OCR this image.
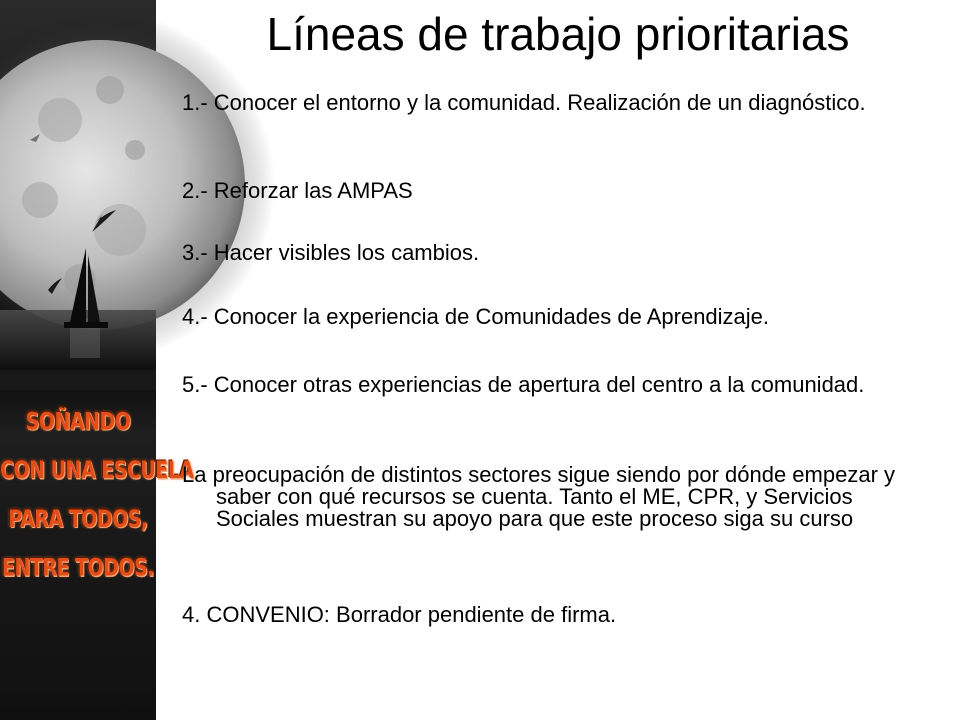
SOÑANDO
CON UNA ESCUELA
PARA TODOS,
ENTRE TODOS.
Líneas de trabajo prioritarias

1.- Conocer el entorno y la comunidad. Realización de un diagnóstico.

2.- Reforzar las AMPAS

3.- Hacer visibles los cambios.

4.- Conocer la experiencia de Comunidades de Aprendizaje.

5.- Conocer otras experiencias de apertura del centro a la comunidad.

La preocupación de distintos sectores sigue siendo por dónde empezar y saber con qué recursos se cuenta. Tanto el ME, CPR, y Servicios Sociales muestran su apoyo para que este proceso siga su curso

4. CONVENIO: Borrador pendiente de firma.
